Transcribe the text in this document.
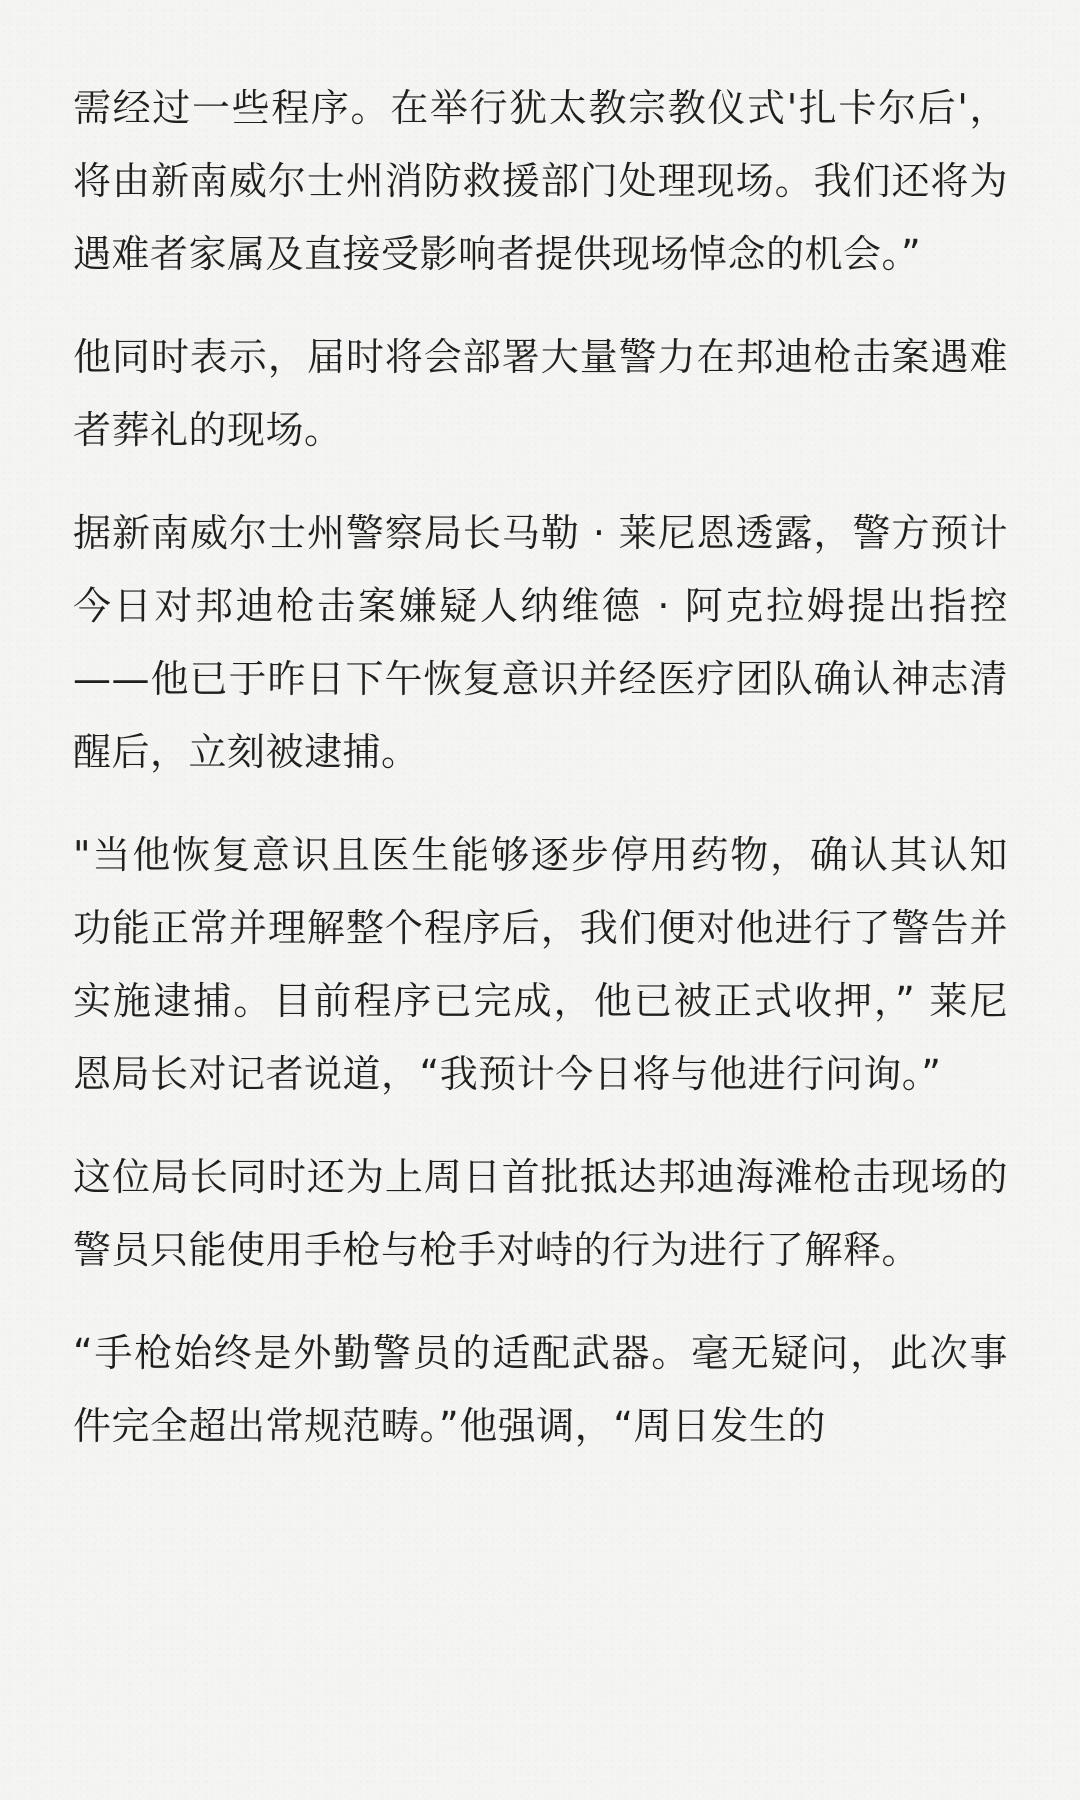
需经过一些程序。在举行犹太教宗教仪式'扎卡尔后'，将由新南威尔士州消防救援部门处理现场。我们还将为遇难者家属及直接受影响者提供现场悼念的机会。”

他同时表示，届时将会部署大量警力在邦迪枪击案遇难者葬礼的现场。

据新南威尔士州警察局长马勒 · 莱尼恩透露，警方预计今日对邦迪枪击案嫌疑人纳维德 · 阿克拉姆提出指控——他已于昨日下午恢复意识并经医疗团队确认神志清醒后，立刻被逮捕。

"当他恢复意识且医生能够逐步停用药物，确认其认知功能正常并理解整个程序后，我们便对他进行了警告并实施逮捕。目前程序已完成，他已被正式收押，” 莱尼恩局长对记者说道，“我预计今日将与他进行问询。”

这位局长同时还为上周日首批抵达邦迪海滩枪击现场的警员只能使用手枪与枪手对峙的行为进行了解释。

“手枪始终是外勤警员的适配武器。毫无疑问，此次事件完全超出常规范畴。”他强调，“周日发生的
